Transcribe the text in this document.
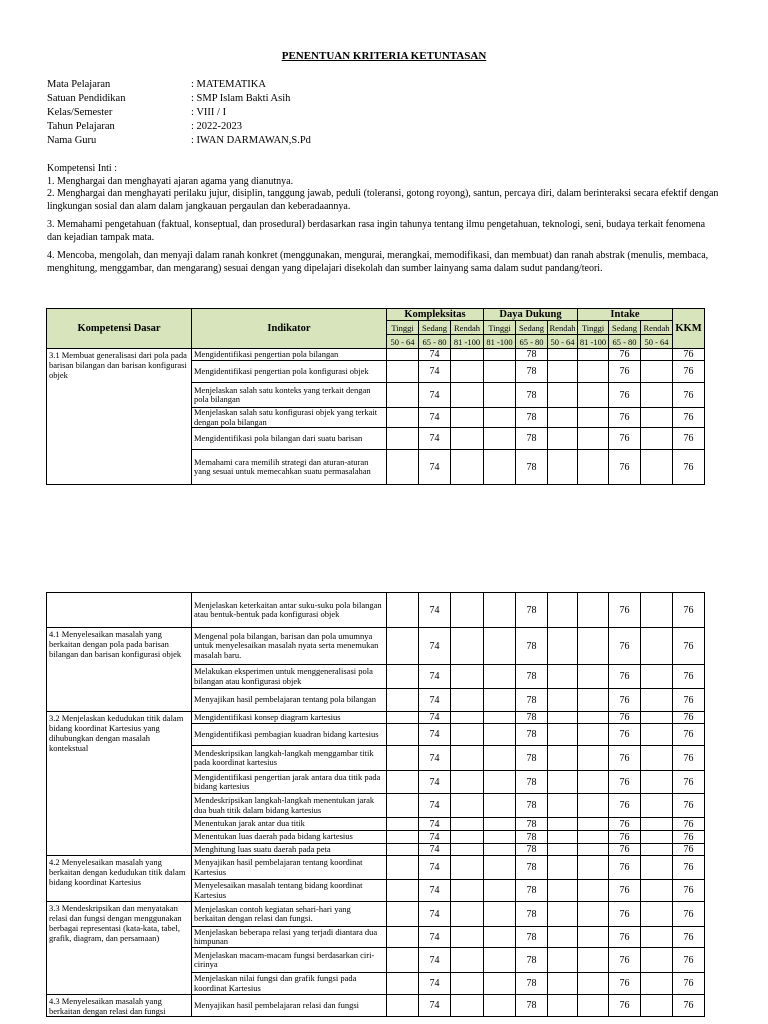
PENENTUAN KRITERIA KETUNTASAN
Mata Pelajaran	: MATEMATIKA
Satuan Pendidikan	: SMP Islam Bakti Asih
Kelas/Semester	: VIII / I
Tahun Pelajaran	: 2022-2023
Nama Guru	: IWAN DARMAWAN,S.Pd

Kompetensi Inti :

1. Menghargai dan menghayati ajaran agama yang dianutnya.

2. Menghargai dan menghayati perilaku jujur, disiplin, tanggung jawab, peduli (toleransi, gotong royong), santun, percaya diri, dalam berinteraksi secara efektif dengan lingkungan sosial dan alam dalam jangkauan pergaulan dan keberadaannya.

3. Memahami pengetahuan (faktual, konseptual, dan prosedural) berdasarkan rasa ingin tahunya tentang ilmu pengetahuan, teknologi, seni, budaya terkait fenomena dan kejadian tampak mata.

4. Mencoba, mengolah, dan menyaji dalam ranah konkret (menggunakan, mengurai, merangkai, memodifikasi, dan membuat) dan ranah abstrak (menulis, membaca, menghitung, menggambar, dan mengarang) sesuai dengan yang dipelajari disekolah dan sumber lainyang sama dalam sudut pandang/teori.

Kompetensi Dasar	Indikator	Kompleksitas			Daya Dukung			Intake			KKM
		Tinggi	Sedang	Rendah	Tinggi	Sedang	Rendah	Tinggi	Sedang	Rendah	
		50 - 64	65 - 80	81 -100	81 -100	65 - 80	50 - 64	81 -100	65 - 80	50 - 64	
3.1 Membuat generalisasi dari pola pada barisan bilangan dan barisan konfigurasi objek	Mengidentifikasi pengertian pola bilangan		74			78			76		76
	Mengidentifikasi pengertian pola konfigurasi objek		74			78			76		76
	Menjelaskan salah satu konteks yang terkait dengan pola bilangan		74			78			76		76
	Menjelaskan salah satu konfigurasi objek yang terkait dengan pola bilangan		74			78			76		76
	Mengidentifikasi pola bilangan dari suatu barisan		74			78			76		76
	Memahami cara memilih strategi dan aturan-aturan yang sesuai untuk memecahkan suatu permasalahan		74			78			76		76
	Menjelaskan keterkaitan antar suku-suku pola bilangan atau bentuk-bentuk pada konfigurasi objek		74			78			76		76
4.1 Menyelesaikan masalah yang berkaitan dengan pola pada barisan bilangan dan barisan konfigurasi objek	Mengenal pola bilangan, barisan dan pola umumnya untuk menyelesaikan masalah nyata serta menemukan masalah baru.		74			78			76		76
	Melakukan eksperimen untuk menggeneralisasi pola bilangan atau konfigurasi objek		74			78			76		76
	Menyajikan hasil pembelajaran tentang pola bilangan		74			78			76		76
3.2 Menjelaskan kedudukan titik dalam bidang koordinat Kartesius yang dihubungkan dengan masalah kontekstual	Mengidentifikasi konsep diagram kartesius		74			78			76		76
	Mengidentifikasi pembagian kuadran bidang kartesius		74			78			76		76
	Mendeskripsikan langkah-langkah menggambar titik pada koordinat kartesius		74			78			76		76
	Mengidentifikasi pengertian jarak antara dua titik pada bidang kartesius		74			78			76		76
	Mendeskripsikan langkah-langkah menentukan jarak dua buah titik dalam bidang kartesius		74			78			76		76
	Menentukan jarak antar dua titik		74			78			76		76
	Menentukan luas daerah pada bidang kartesius		74			78			76		76
	Menghitung luas suatu daerah pada peta		74			78			76		76
4.2 Menyelesaikan masalah yang berkaitan dengan kedudukan titik dalam bidang koordinat Kartesius	Menyajikan hasil pembelajaran tentang koordinat Kartesius		74			78			76		76
	Menyelesaikan masalah tentang bidang koordinat Kartesius		74			78			76		76
3.3 Mendeskripsikan dan menyatakan relasi dan fungsi dengan menggunakan berbagai representasi (kata-kata, tabel, grafik, diagram, dan persamaan)	Menjelaskan contoh kegiatan sehari-hari yang berkaitan dengan relasi dan fungsi.		74			78			76		76
	Menjelaskan beberapa relasi yang terjadi diantara dua himpunan		74			78			76		76
	Menjelaskan macam-macam fungsi berdasarkan ciri-cirinya		74			78			76		76
	Menjelaskan nilai fungsi dan grafik fungsi pada koordinat Kartesius		74			78			76		76
4.3 Menyelesaikan masalah yang berkaitan dengan relasi dan fungsi	Menyajikan hasil pembelajaran relasi dan fungsi		74			78			76		76
